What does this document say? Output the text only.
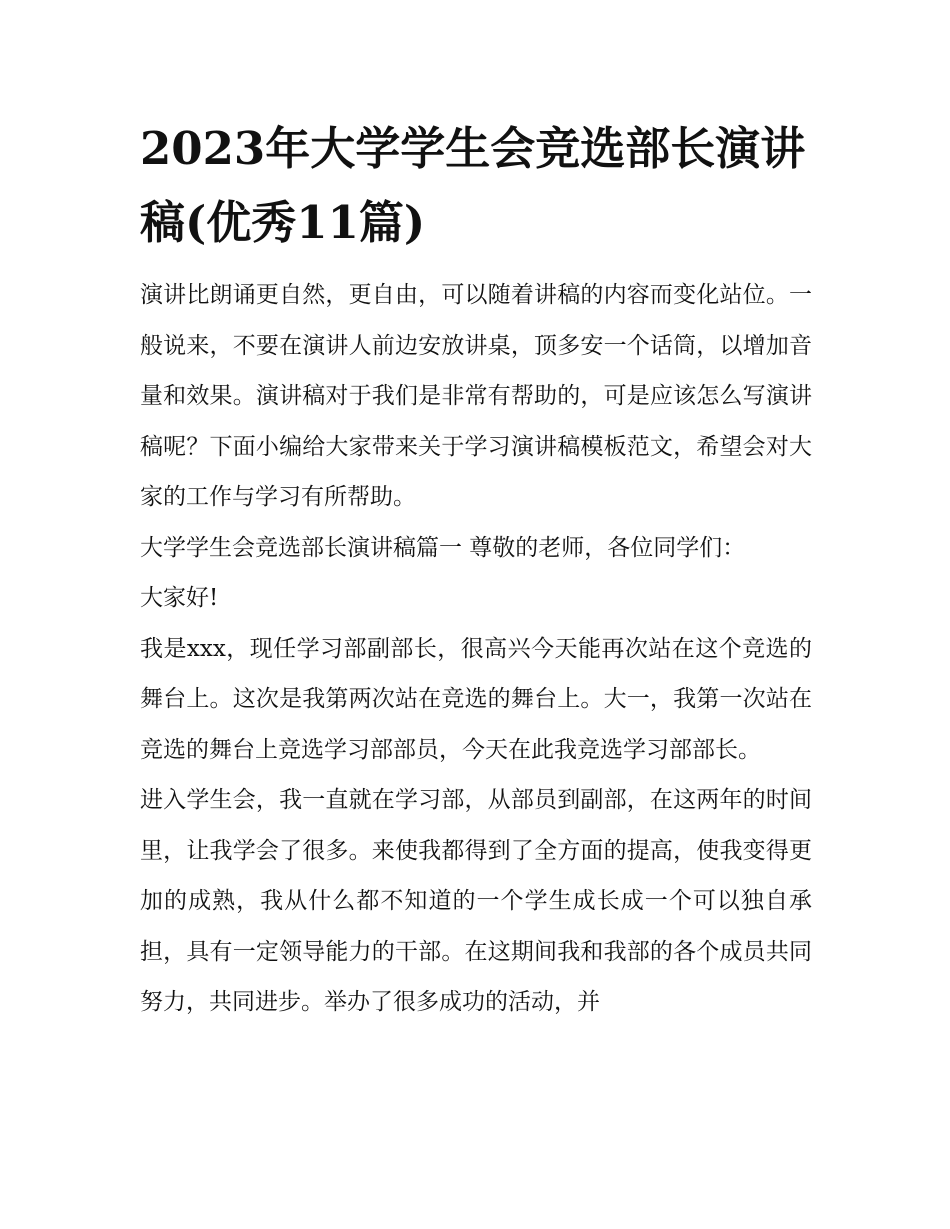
2023年大学学生会竞选部长演讲稿(优秀11篇)

演讲比朗诵更自然，更自由，可以随着讲稿的内容而变化站位。一般说来，不要在演讲人前边安放讲桌，顶多安一个话筒，以增加音量和效果。演讲稿对于我们是非常有帮助的，可是应该怎么写演讲稿呢？下面小编给大家带来关于学习演讲稿模板范文，希望会对大家的工作与学习有所帮助。

大学学生会竞选部长演讲稿篇一 尊敬的老师，各位同学们：

大家好!

我是xxx，现任学习部副部长，很高兴今天能再次站在这个竞选的舞台上。这次是我第两次站在竞选的舞台上。大一，我第一次站在竞选的舞台上竞选学习部部员，今天在此我竞选学习部部长。

进入学生会，我一直就在学习部，从部员到副部，在这两年的时间里，让我学会了很多。来使我都得到了全方面的提高，使我变得更加的成熟，我从什么都不知道的一个学生成长成一个可以独自承担，具有一定领导能力的干部。在这期间我和我部的各个成员共同努力，共同进步。举办了很多成功的活动，并
